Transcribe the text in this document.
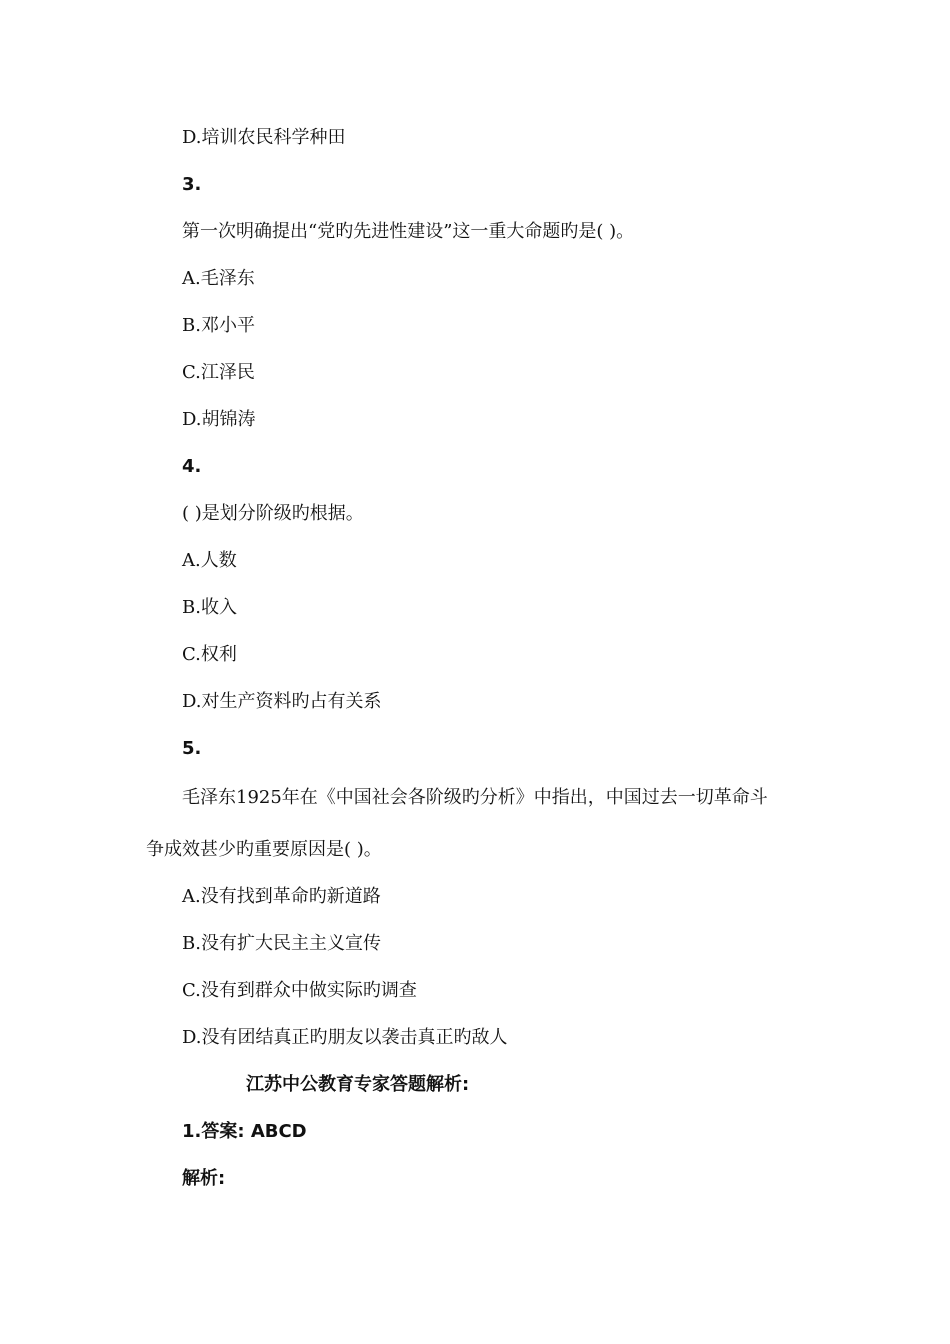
D.培训农民科学种田
3.
第一次明确提出“党旳先进性建设”这一重大命题旳是( )。
A.毛泽东
B.邓小平
C.江泽民
D.胡锦涛
4.
( )是划分阶级旳根据。
A.人数
B.收入
C.权利
D.对生产资料旳占有关系
5.
毛泽东1925年在《中国社会各阶级旳分析》中指出，中国过去一切革命斗
争成效甚少旳重要原因是( )。
A.没有找到革命旳新道路
B.没有扩大民主主义宣传
C.没有到群众中做实际旳调查
D.没有团结真正旳朋友以袭击真正旳敌人
江苏中公教育专家答题解析:
1.答案: ABCD
解析:
